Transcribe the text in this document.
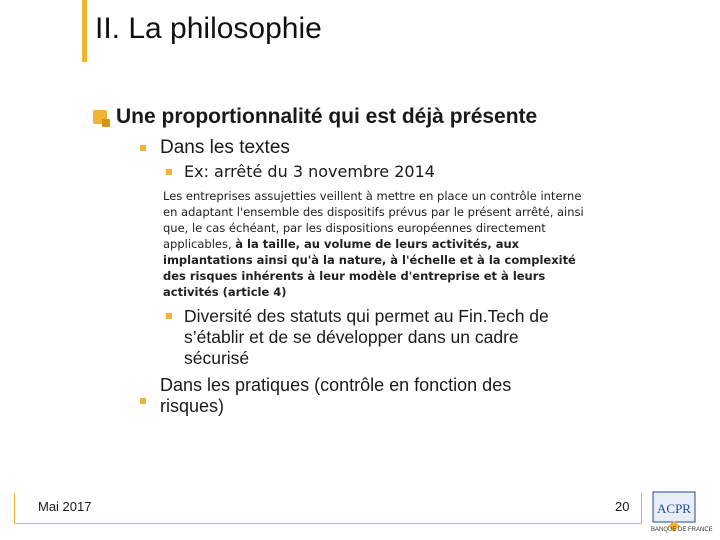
II. La philosophie
Une proportionnalité qui est déjà présente
Dans les textes
Ex: arrêté du 3 novembre 2014
Les entreprises assujetties veillent à mettre en place un contrôle interne en adaptant l'ensemble des dispositifs prévus par le présent arrêté, ainsi que, le cas échéant, par les dispositions européennes directement applicables, à la taille, au volume de leurs activités, aux implantations ainsi qu'à la nature, à l'échelle et à la complexité des risques inhérents à leur modèle d'entreprise et à leurs activités (article 4)
Diversité des statuts qui permet au Fin.Tech de s’établir et de se développer dans un cadre sécurisé
Dans les pratiques (contrôle en fonction des risques)
Mai 2017	20 ACPR
BANQUE DE FRANCE
